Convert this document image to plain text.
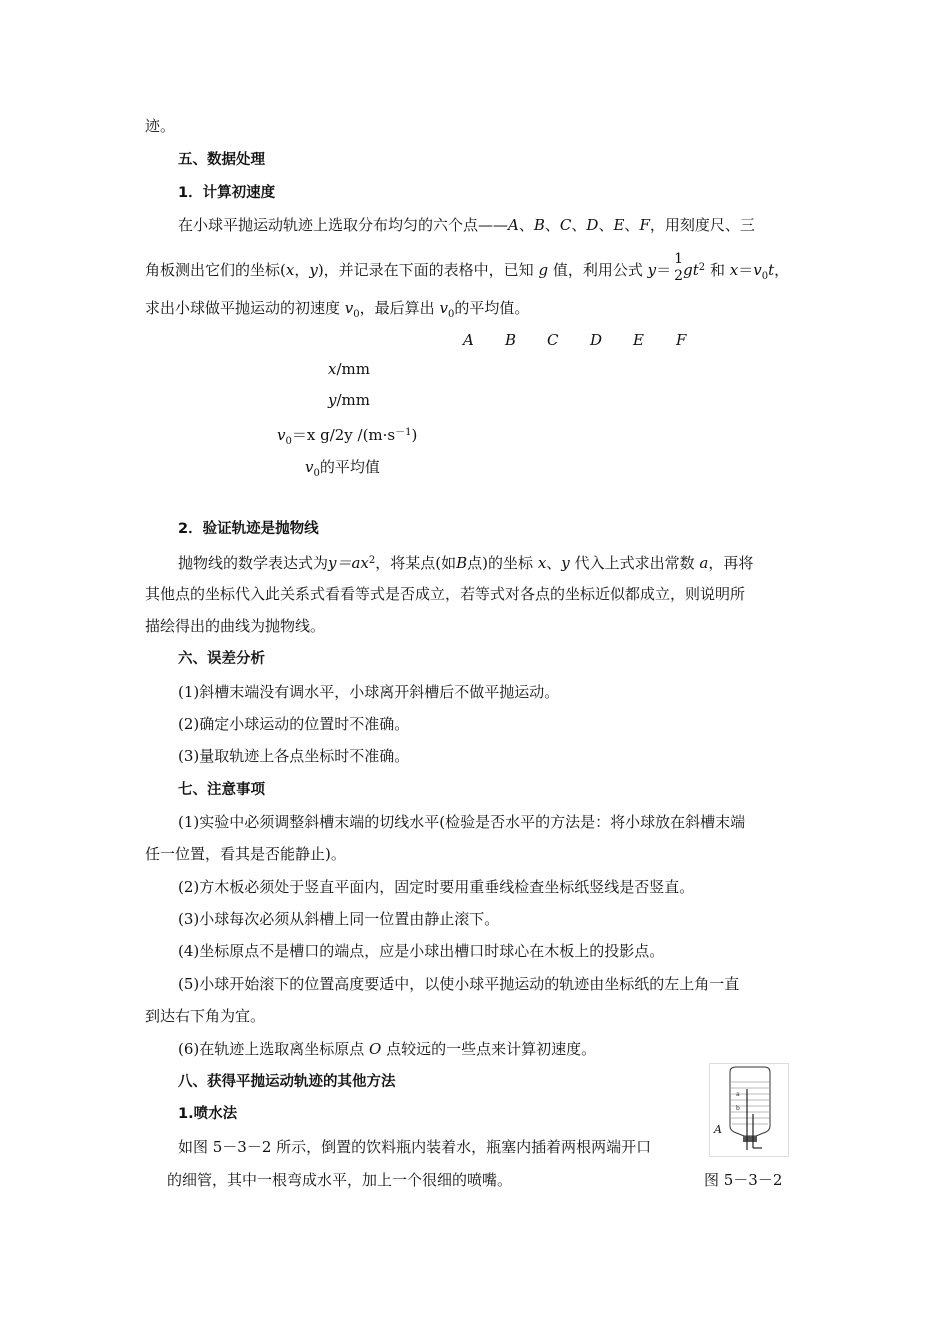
迹。
五、数据处理
1．计算初速度
在小球平抛运动轨迹上选取分布均匀的六个点——A、B、C、D、E、F，用刻度尺、三
角板测出它们的坐标(x，y)，并记录在下面的表格中，已知 g 值，利用公式 y＝
1
2 $gt^2$ 和 $x=v_0t$，
求出小球做平抛运动的初速度 $v_0$，最后算出 $v_0$的平均值。
A B C D E F
x/mm
y/mm
$v_0=x$ g/2y $/(m\cdot s^{-1})$
$v_0$的平均值
2．验证轨迹是抛物线
抛物线的数学表达式为$y=ax^2$，将某点(如B点)的坐标 x、y 代入上式求出常数 a，再将
其他点的坐标代入此关系式看看等式是否成立，若等式对各点的坐标近似都成立，则说明所
描绘得出的曲线为抛物线。
六、误差分析
(1)斜槽末端没有调水平，小球离开斜槽后不做平抛运动。
(2)确定小球运动的位置时不准确。
(3)量取轨迹上各点坐标时不准确。
七、注意事项
(1)实验中必须调整斜槽末端的切线水平(检验是否水平的方法是：将小球放在斜槽末端
任一位置，看其是否能静止)。
(2)方木板必须处于竖直平面内，固定时要用重垂线检查坐标纸竖线是否竖直。
(3)小球每次必须从斜槽上同一位置由静止滚下。
(4)坐标原点不是槽口的端点，应是小球出槽口时球心在木板上的投影点。
(5)小球开始滚下的位置高度要适中，以使小球平抛运动的轨迹由坐标纸的左上角一直
到达右下角为宜。
(6)在轨迹上选取离坐标原点 O 点较远的一些点来计算初速度。
八、获得平抛运动轨迹的其他方法
1.喷水法
如图 5－3－2 所示，倒置的饮料瓶内装着水，瓶塞内插着两根两端开口
的细管，其中一根弯成水平，加上一个很细的喷嘴。
a
b
A
图 5－3－2
